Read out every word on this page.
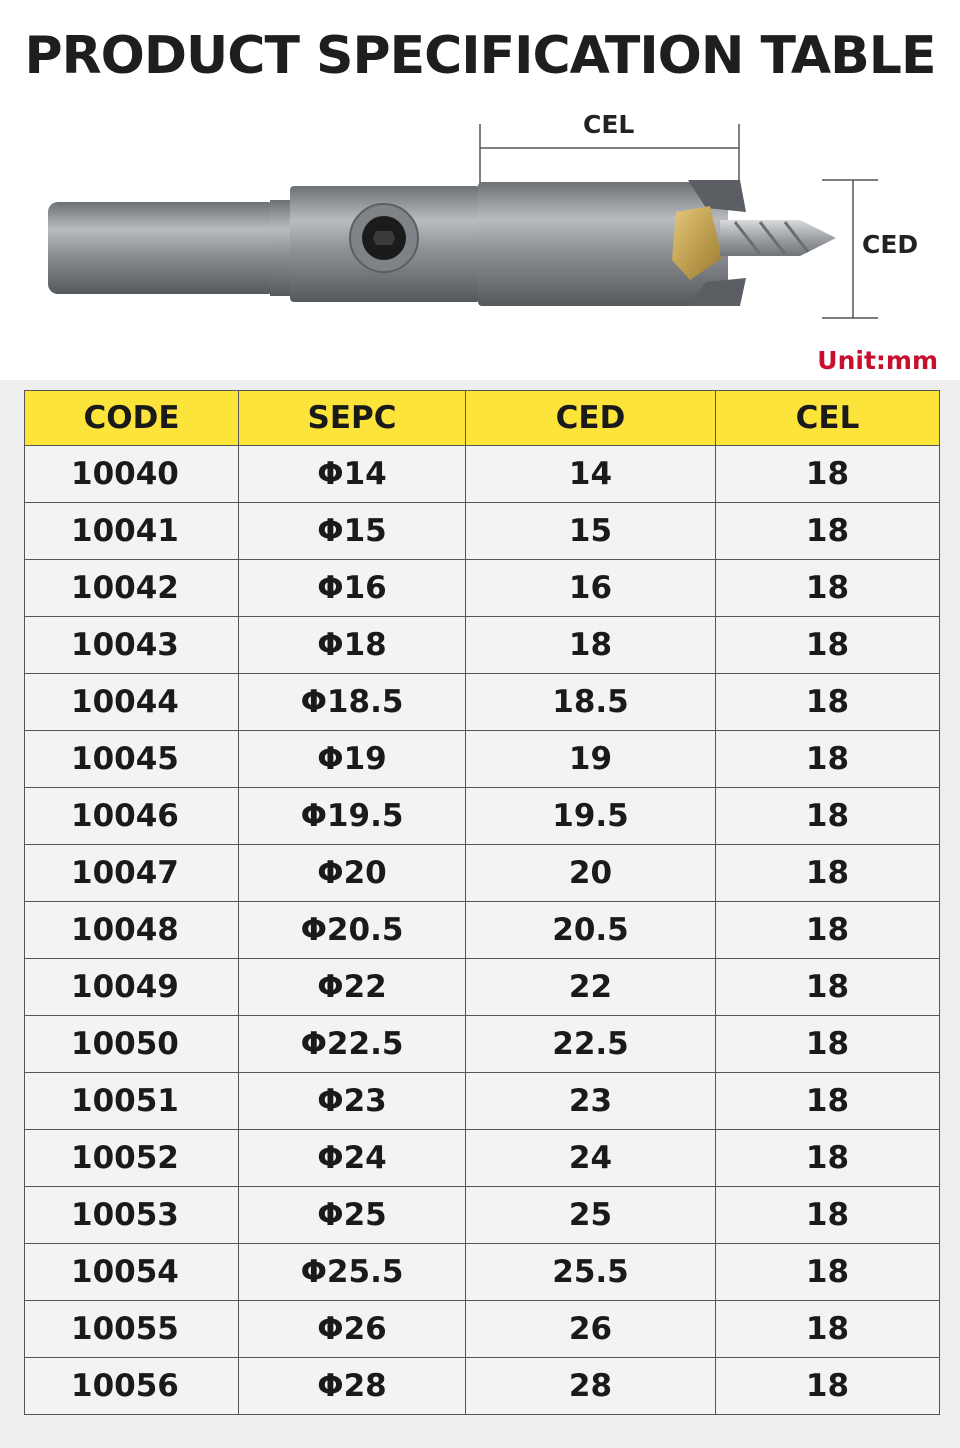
PRODUCT SPECIFICATION TABLE
CEL
CED
Unit:mm
CODE	SEPC	CED	CEL
10040	Φ14	14	18
10041	Φ15	15	18
10042	Φ16	16	18
10043	Φ18	18	18
10044	Φ18.5	18.5	18
10045	Φ19	19	18
10046	Φ19.5	19.5	18
10047	Φ20	20	18
10048	Φ20.5	20.5	18
10049	Φ22	22	18
10050	Φ22.5	22.5	18
10051	Φ23	23	18
10052	Φ24	24	18
10053	Φ25	25	18
10054	Φ25.5	25.5	18
10055	Φ26	26	18
10056	Φ28	28	18
